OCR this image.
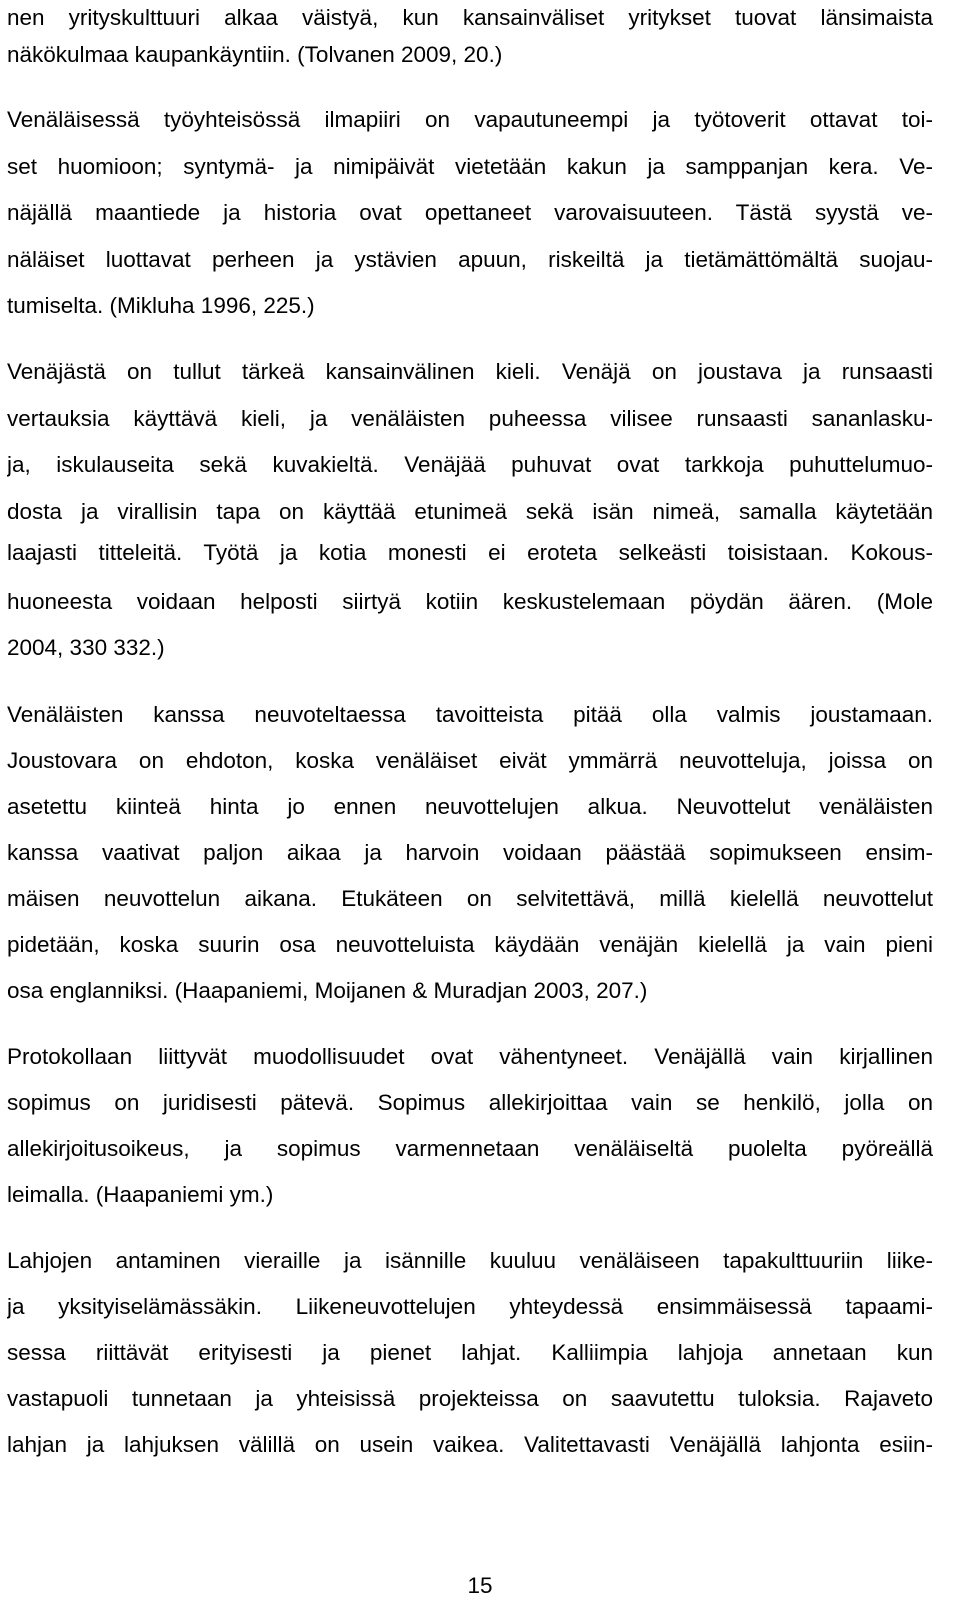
nen yrityskulttuuri alkaa väistyä, kun kansainväliset yritykset tuovat länsimaista
näkökulmaa kaupankäyntiin. (Tolvanen 2009, 20.)
Venäläisessä työyhteisössä ilmapiiri on vapautuneempi ja työtoverit ottavat toi-
set huomioon; syntymä- ja nimipäivät vietetään kakun ja samppanjan kera. Ve-
näjällä maantiede ja historia ovat opettaneet varovaisuuteen. Tästä syystä ve-
näläiset luottavat perheen ja ystävien apuun, riskeiltä ja tietämättömältä suojau-
tumiselta. (Mikluha 1996, 225.)
Venäjästä on tullut tärkeä kansainvälinen kieli. Venäjä on joustava ja runsaasti
vertauksia käyttävä kieli, ja venäläisten puheessa vilisee runsaasti sananlasku-
ja, iskulauseita sekä kuvakieltä. Venäjää puhuvat ovat tarkkoja puhuttelumuo-
dosta ja virallisin tapa on käyttää etunimeä sekä isän nimeä, samalla käytetään
laajasti titteleitä. Työtä ja kotia monesti ei eroteta selkeästi toisistaan. Kokous-
huoneesta voidaan helposti siirtyä kotiin keskustelemaan pöydän äären. (Mole
2004, 330 332.)
Venäläisten kanssa neuvoteltaessa tavoitteista pitää olla valmis joustamaan.
Joustovara on ehdoton, koska venäläiset eivät ymmärrä neuvotteluja, joissa on
asetettu kiinteä hinta jo ennen neuvottelujen alkua. Neuvottelut venäläisten
kanssa vaativat paljon aikaa ja harvoin voidaan päästää sopimukseen ensim-
mäisen neuvottelun aikana. Etukäteen on selvitettävä, millä kielellä neuvottelut
pidetään, koska suurin osa neuvotteluista käydään venäjän kielellä ja vain pieni
osa englanniksi. (Haapaniemi, Moijanen & Muradjan 2003, 207.)
Protokollaan liittyvät muodollisuudet ovat vähentyneet. Venäjällä vain kirjallinen
sopimus on juridisesti pätevä. Sopimus allekirjoittaa vain se henkilö, jolla on
allekirjoitusoikeus, ja sopimus varmennetaan venäläiseltä puolelta pyöreällä
leimalla. (Haapaniemi ym.)
Lahjojen antaminen vieraille ja isännille kuuluu venäläiseen tapakulttuuriin liike-
ja yksityiselämässäkin. Liikeneuvottelujen yhteydessä ensimmäisessä tapaami-
sessa riittävät erityisesti ja pienet lahjat. Kalliimpia lahjoja annetaan kun
vastapuoli tunnetaan ja yhteisissä projekteissa on saavutettu tuloksia. Rajaveto
lahjan ja lahjuksen välillä on usein vaikea. Valitettavasti Venäjällä lahjonta esiin-
15
